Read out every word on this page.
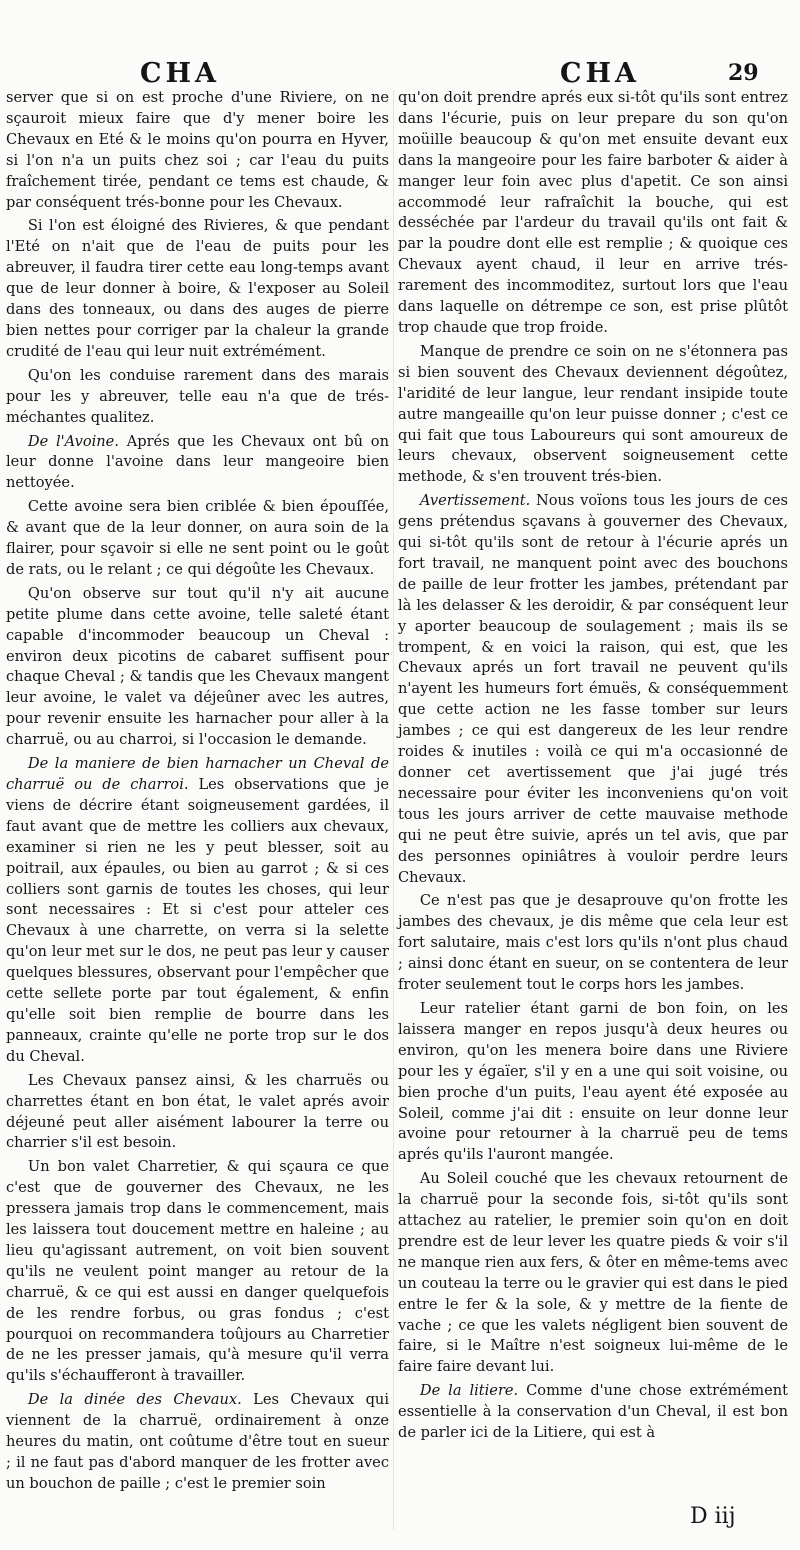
CHA	CHA	29

server que si on est proche d'une Riviere, on ne sçauroit mieux faire que d'y mener boire les Chevaux en Eté & le moins qu'on pourra en Hyver, si l'on n'a un puits chez soi ; car l'eau du puits fraîchement tirée, pendant ce tems est chaude, & par conséquent trés-bonne pour les Chevaux.

Si l'on est éloigné des Rivieres, & que pendant l'Eté on n'ait que de l'eau de puits pour les abreuver, il faudra tirer cette eau long-temps avant que de leur donner à boire, & l'exposer au Soleil dans des tonneaux, ou dans des auges de pierre bien nettes pour corriger par la chaleur la grande crudité de l'eau qui leur nuit extrémément.

Qu'on les conduise rarement dans des marais pour les y abreuver, telle eau n'a que de trés-méchantes qualitez.

De l'Avoine. Aprés que les Chevaux ont bû on leur donne l'avoine dans leur mangeoire bien nettoyée.

Cette avoine sera bien criblée & bien épouſſée, & avant que de la leur donner, on aura soin de la flairer, pour sçavoir si elle ne sent point ou le goût de rats, ou le relant ; ce qui dégoûte les Chevaux.

Qu'on observe sur tout qu'il n'y ait aucune petite plume dans cette avoine, telle saleté étant capable d'incommoder beaucoup un Cheval : environ deux picotins de cabaret suffisent pour chaque Cheval ; & tandis que les Chevaux mangent leur avoine, le valet va déjeûner avec les autres, pour revenir ensuite les harnacher pour aller à la charruë, ou au charroi, si l'occasion le demande.

De la maniere de bien harnacher un Cheval de charruë ou de charroi. Les observations que je viens de décrire étant soigneusement gardées, il faut avant que de mettre les colliers aux chevaux, examiner si rien ne les y peut blesser, soit au poitrail, aux épaules, ou bien au garrot ; & si ces colliers sont garnis de toutes les choses, qui leur sont necessaires : Et si c'est pour atteler ces Chevaux à une charrette, on verra si la selette qu'on leur met sur le dos, ne peut pas leur y causer quelques blessures, observant pour l'empêcher que cette sellete porte par tout également, & enfin qu'elle soit bien remplie de bourre dans les panneaux, crainte qu'elle ne porte trop sur le dos du Cheval.

Les Chevaux pansez ainsi, & les charruës ou charrettes étant en bon état, le valet aprés avoir déjeuné peut aller aisément labourer la terre ou charrier s'il est besoin.

Un bon valet Charretier, & qui sçaura ce que c'est que de gouverner des Chevaux, ne les pressera jamais trop dans le commencement, mais les laissera tout doucement mettre en haleine ; au lieu qu'agissant autrement, on voit bien souvent qu'ils ne veulent point manger au retour de la charruë, & ce qui est aussi en danger quelquefois de les rendre forbus, ou gras fondus ; c'est pourquoi on recommandera toûjours au Charretier de ne les presser jamais, qu'à mesure qu'il verra qu'ils s'échaufferont à travailler.

De la dinée des Chevaux. Les Chevaux qui viennent de la charruë, ordinairement à onze heures du matin, ont coûtume d'être tout en sueur ; il ne faut pas d'abord manquer de les frotter avec un bouchon de paille ; c'est le premier soin

qu'on doit prendre aprés eux si-tôt qu'ils sont entrez dans l'écurie, puis on leur prepare du son qu'on moüille beaucoup & qu'on met ensuite devant eux dans la mangeoire pour les faire barboter & aider à manger leur foin avec plus d'apetit. Ce son ainsi accommodé leur rafraîchit la bouche, qui est desséchée par l'ardeur du travail qu'ils ont fait & par la poudre dont elle est remplie ; & quoique ces Chevaux ayent chaud, il leur en arrive trés-rarement des incommoditez, surtout lors que l'eau dans laquelle on détrempe ce son, est prise plûtôt trop chaude que trop froide.

Manque de prendre ce soin on ne s'étonnera pas si bien souvent des Chevaux deviennent dégoûtez, l'aridité de leur langue, leur rendant insipide toute autre mangeaille qu'on leur puisse donner ; c'est ce qui fait que tous Laboureurs qui sont amoureux de leurs chevaux, observent soigneusement cette methode, & s'en trouvent trés-bien.

Avertissement. Nous voïons tous les jours de ces gens prétendus sçavans à gouverner des Chevaux, qui si-tôt qu'ils sont de retour à l'écurie aprés un fort travail, ne manquent point avec des bouchons de paille de leur frotter les jambes, prétendant par là les delasser & les deroidir, & par conséquent leur y aporter beaucoup de soulagement ; mais ils se trompent, & en voici la raison, qui est, que les Chevaux aprés un fort travail ne peuvent qu'ils n'ayent les humeurs fort émuës, & conséquemment que cette action ne les fasse tomber sur leurs jambes ; ce qui est dangereux de les leur rendre roides & inutiles : voilà ce qui m'a occasionné de donner cet avertissement que j'ai jugé trés necessaire pour éviter les inconveniens qu'on voit tous les jours arriver de cette mauvaise methode qui ne peut être suivie, aprés un tel avis, que par des personnes opiniâtres à vouloir perdre leurs Chevaux.

Ce n'est pas que je desaprouve qu'on frotte les jambes des chevaux, je dis même que cela leur est fort salutaire, mais c'est lors qu'ils n'ont plus chaud ; ainsi donc étant en sueur, on se contentera de leur froter seulement tout le corps hors les jambes.

Leur ratelier étant garni de bon foin, on les laissera manger en repos jusqu'à deux heures ou environ, qu'on les menera boire dans une Riviere pour les y égaïer, s'il y en a une qui soit voisine, ou bien proche d'un puits, l'eau ayent été exposée au Soleil, comme j'ai dit : ensuite on leur donne leur avoine pour retourner à la charruë peu de tems aprés qu'ils l'auront mangée.

Au Soleil couché que les chevaux retournent de la charruë pour la seconde fois, si-tôt qu'ils sont attachez au ratelier, le premier soin qu'on en doit prendre est de leur lever les quatre pieds & voir s'il ne manque rien aux fers, & ôter en même-tems avec un couteau la terre ou le gravier qui est dans le pied entre le fer & la sole, & y mettre de la fiente de vache ; ce que les valets négligent bien souvent de faire, si le Maître n'est soigneux lui-même de le faire faire devant lui.

De la litiere. Comme d'une chose extrémément essentielle à la conservation d'un Cheval, il est bon de parler ici de la Litiere, qui est à

D iij
